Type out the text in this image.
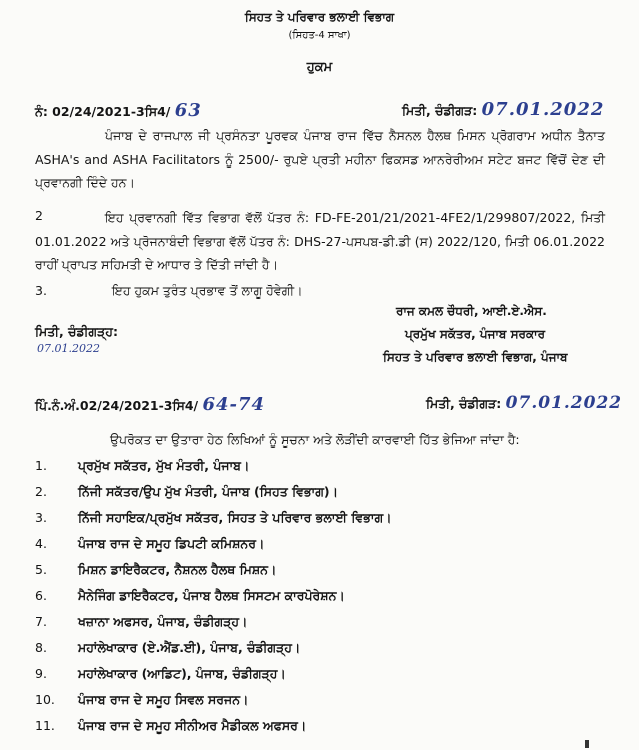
ਸਿਹਤ ਤੇ ਪਰਿਵਾਰ ਭਲਾਈ ਵਿਭਾਗ
(ਸਿਹਤ-4 ਸਾਖਾ)
ਹੁਕਮ
ਨੰ: 02/24/2021-3ਸਿ4/ 63	ਮਿਤੀ, ਚੰਡੀਗੜ: 07.01.2022
ਪੰਜਾਬ ਦੇ ਰਾਜਪਾਲ ਜੀ ਪ੍ਰਸੰਨਤਾ ਪੂਰਵਕ ਪੰਜਾਬ ਰਾਜ ਵਿੱਚ ਨੈਸਨਲ ਹੈਲਥ ਮਿਸਨ ਪ੍ਰੋਗਰਾਮ ਅਧੀਨ ਤੈਨਾਤ ASHA's and ASHA Facilitators ਨੂੰ 2500/- ਰੁਪਏ ਪ੍ਰਤੀ ਮਹੀਨਾ ਫਿਕਸਡ ਆਨਰੇਰੀਅਮ ਸਟੇਟ ਬਜਟ ਵਿੱਚੋਂ ਦੇਣ ਦੀ ਪ੍ਰਵਾਨਗੀ ਦਿੰਦੇ ਹਨ।
2	ਇਹ ਪ੍ਰਵਾਨਗੀ ਵਿੱਤ ਵਿਭਾਗ ਵੱਲੋਂ ਪੱਤਰ ਨੰ: FD-FE-201/21/2021-4FE2/1/299807/2022, ਮਿਤੀ 01.01.2022 ਅਤੇ ਪ੍ਰੋਜਨਾਬੰਦੀ ਵਿਭਾਗ ਵੱਲੋਂ ਪੱਤਰ ਨੰ: DHS-27-ਪਸਪਬ-ਡੀ.ਡੀ (ਸ) 2022/120, ਮਿਤੀ 06.01.2022 ਰਾਹੀਂ ਪ੍ਰਾਪਤ ਸਹਿਮਤੀ ਦੇ ਆਧਾਰ ਤੇ ਦਿੱਤੀ ਜਾਂਦੀ ਹੈ।
3.	ਇਹ ਹੁਕਮ ਤੁਰੰਤ ਪ੍ਰਭਾਵ ਤੋਂ ਲਾਗੂ ਹੋਵੇਗੀ।
ਰਾਜ ਕਮਲ ਚੌਧਰੀ, ਆਈ.ਏ.ਐਸ.
ਪ੍ਰਮੁੱਖ ਸਕੱਤਰ, ਪੰਜਾਬ ਸਰਕਾਰ
ਸਿਹਤ ਤੇ ਪਰਿਵਾਰ ਭਲਾਈ ਵਿਭਾਗ, ਪੰਜਾਬ
ਮਿਤੀ, ਚੰਡੀਗੜ੍ਹ:
07.01.2022
ਪਿੰ.ਨੰ.ਅੰ.02/24/2021-3ਸਿ4/ 64-74	ਮਿਤੀ, ਚੰਡੀਗੜ: 07.01.2022
ਉਪਰੋਕਤ ਦਾ ਉਤਾਰਾ ਹੇਠ ਲਿਖਿਆਂ ਨੂੰ ਸੂਚਨਾ ਅਤੇ ਲੋੜੀਂਦੀ ਕਾਰਵਾਈ ਹਿੱਤ ਭੇਜਿਆ ਜਾਂਦਾ ਹੈ:
1. ਪ੍ਰਮੁੱਖ ਸਕੱਤਰ, ਮੁੱਖ ਮੰਤਰੀ, ਪੰਜਾਬ।
2. ਨਿੱਜੀ ਸਕੱਤਰ/ਉਪ ਮੁੱਖ ਮੰਤਰੀ, ਪੰਜਾਬ (ਸਿਹਤ ਵਿਭਾਗ)।
3. ਨਿੱਜੀ ਸਹਾਇਕ/ਪ੍ਰਮੁੱਖ ਸਕੱਤਰ, ਸਿਹਤ ਤੇ ਪਰਿਵਾਰ ਭਲਾਈ ਵਿਭਾਗ।
4. ਪੰਜਾਬ ਰਾਜ ਦੇ ਸਮੂਹ ਡਿਪਟੀ ਕਮਿਸ਼ਨਰ।
5. ਮਿਸ਼ਨ ਡਾਇਰੈਕਟਰ, ਨੈਸ਼ਨਲ ਹੈਲਥ ਮਿਸ਼ਨ।
6. ਮੈਨੇਜਿੰਗ ਡਾਇਰੈਕਟਰ, ਪੰਜਾਬ ਹੈਲਥ ਸਿਸਟਮ ਕਾਰਪੋਰੇਸ਼ਨ।
7. ਖਜ਼ਾਨਾ ਅਫਸਰ, ਪੰਜਾਬ, ਚੰਡੀਗੜ੍ਹ।
8. ਮਹਾਂਲੇਖਾਕਾਰ (ਏ.ਐਂਡ.ਈ), ਪੰਜਾਬ, ਚੰਡੀਗੜ੍ਹ।
9. ਮਹਾਂਲੇਖਾਕਾਰ (ਆਡਿਟ), ਪੰਜਾਬ, ਚੰਡੀਗੜ੍ਹ।
10. ਪੰਜਾਬ ਰਾਜ ਦੇ ਸਮੂਹ ਸਿਵਲ ਸਰਜਨ।
11. ਪੰਜਾਬ ਰਾਜ ਦੇ ਸਮੂਹ ਸੀਨੀਅਰ ਮੈਡੀਕਲ ਅਫਸਰ।
